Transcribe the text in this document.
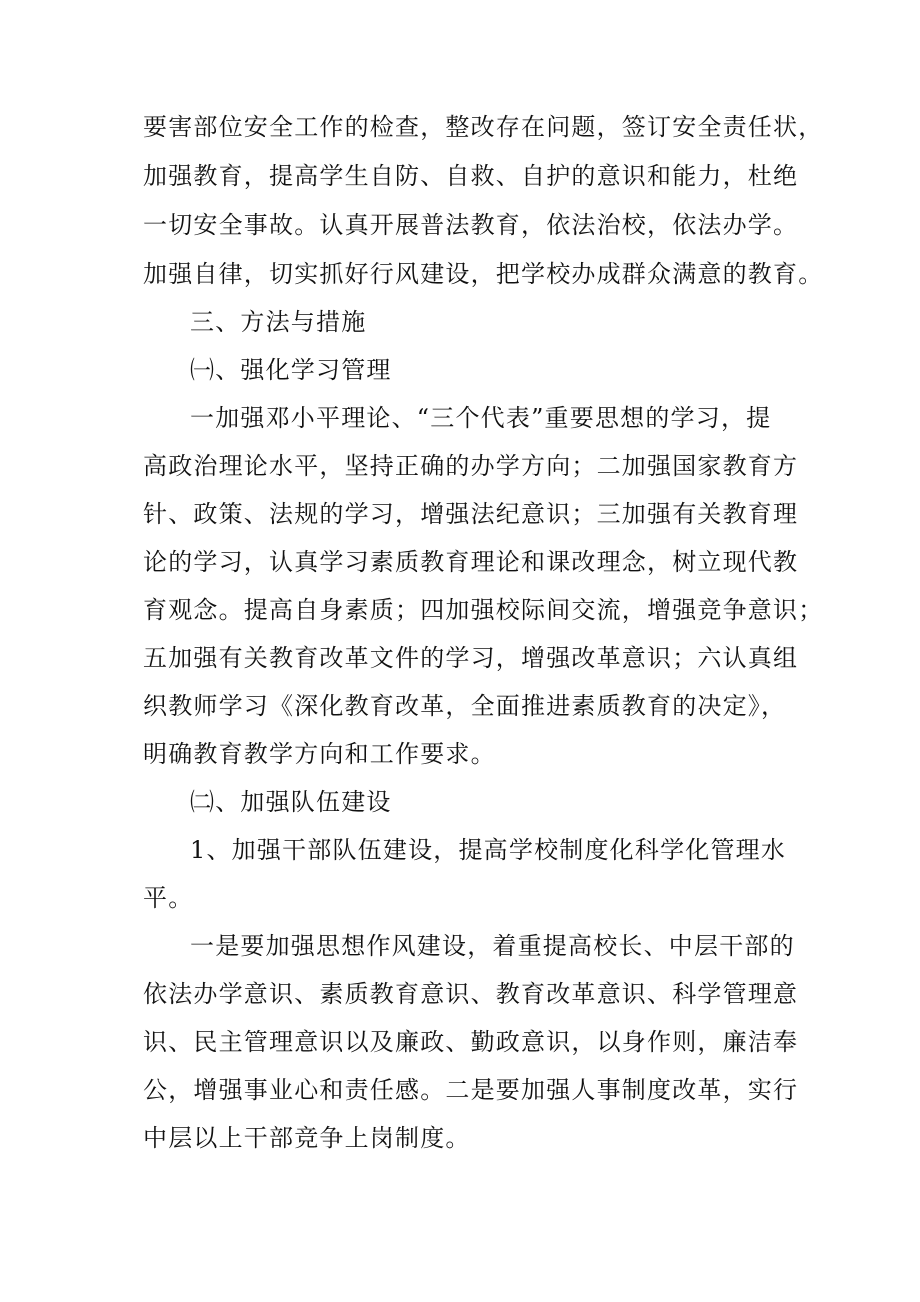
要害部位安全工作的检查，整改存在问题，签订安全责任状，
加强教育，提高学生自防、自救、自护的意识和能力，杜绝
一切安全事故。认真开展普法教育，依法治校，依法办学。
加强自律，切实抓好行风建设，把学校办成群众满意的教育。
三、方法与措施
㈠、强化学习管理
一加强邓小平理论、“三个代表”重要思想的学习，提
高政治理论水平，坚持正确的办学方向；二加强国家教育方
针、政策、法规的学习，增强法纪意识；三加强有关教育理
论的学习，认真学习素质教育理论和课改理念，树立现代教
育观念。提高自身素质；四加强校际间交流，增强竞争意识；
五加强有关教育改革文件的学习，增强改革意识；六认真组
织教师学习《深化教育改革，全面推进素质教育的决定》，
明确教育教学方向和工作要求。
㈡、加强队伍建设
1、加强干部队伍建设，提高学校制度化科学化管理水
平。
一是要加强思想作风建设，着重提高校长、中层干部的
依法办学意识、素质教育意识、教育改革意识、科学管理意
识、民主管理意识以及廉政、勤政意识，以身作则，廉洁奉
公，增强事业心和责任感。二是要加强人事制度改革，实行
中层以上干部竞争上岗制度。
